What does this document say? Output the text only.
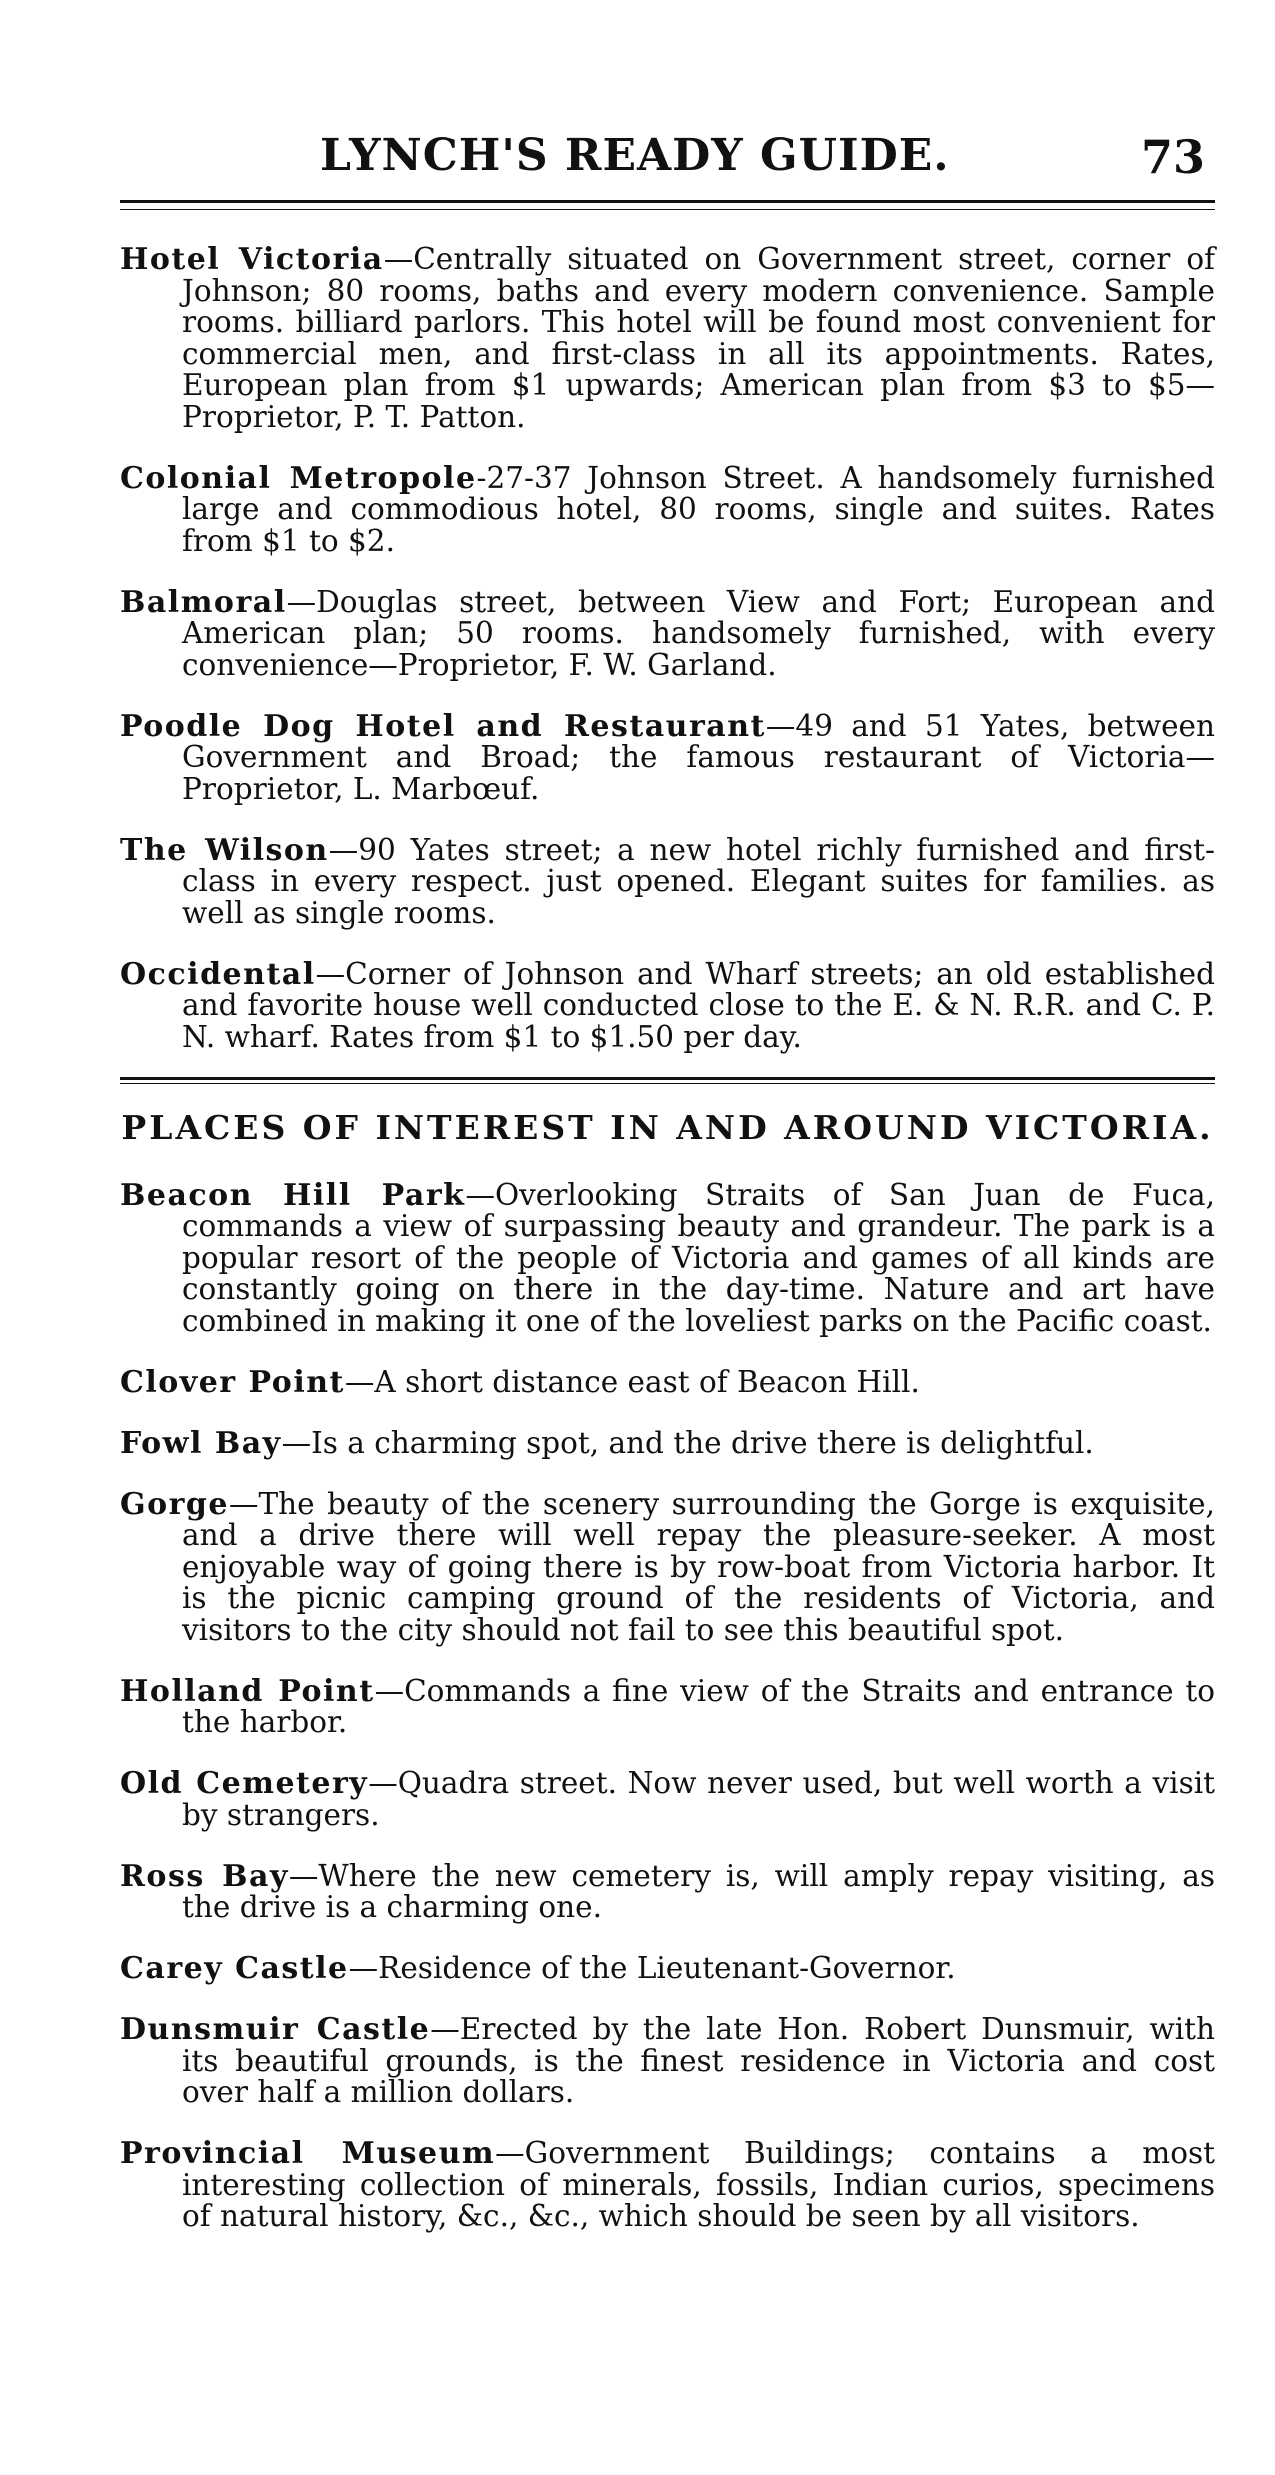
LYNCH'S READY GUIDE.	73

Hotel Victoria—Centrally situated on Government street, corner of Johnson; 80 rooms, baths and every modern convenience. Sample rooms. billiard parlors. This hotel will be found most convenient for commercial men, and first-class in all its appointments. Rates, European plan from $1 upwards; American plan from $3 to $5—Proprietor, P. T. Patton.

Colonial Metropole-27-37 Johnson Street. A handsomely furnished large and commodious hotel, 80 rooms, single and suites. Rates from $1 to $2.

Balmoral—Douglas street, between View and Fort; European and American plan; 50 rooms. handsomely furnished, with every convenience—Proprietor, F. W. Garland.

Poodle Dog Hotel and Restaurant—49 and 51 Yates, between Government and Broad; the famous restaurant of Victoria—Proprietor, L. Marbœuf.

The Wilson—90 Yates street; a new hotel richly furnished and first-class in every respect. just opened. Elegant suites for families. as well as single rooms.

Occidental—Corner of Johnson and Wharf streets; an old established and favorite house well conducted close to the E. & N. R.R. and C. P. N. wharf. Rates from $1 to $1.50 per day.

PLACES OF INTEREST IN AND AROUND VICTORIA.

Beacon Hill Park—Overlooking Straits of San Juan de Fuca, commands a view of surpassing beauty and grandeur. The park is a popular resort of the people of Victoria and games of all kinds are constantly going on there in the day-time. Nature and art have combined in making it one of the loveliest parks on the Pacific coast.

Clover Point—A short distance east of Beacon Hill.

Fowl Bay—Is a charming spot, and the drive there is delightful.

Gorge—The beauty of the scenery surrounding the Gorge is exquisite, and a drive there will well repay the pleasure-seeker. A most enjoyable way of going there is by row-boat from Victoria harbor. It is the picnic camping ground of the residents of Victoria, and visitors to the city should not fail to see this beautiful spot.

Holland Point—Commands a fine view of the Straits and entrance to the harbor.

Old Cemetery—Quadra street. Now never used, but well worth a visit by strangers.

Ross Bay—Where the new cemetery is, will amply repay visiting, as the drive is a charming one.

Carey Castle—Residence of the Lieutenant-Governor.

Dunsmuir Castle—Erected by the late Hon. Robert Dunsmuir, with its beautiful grounds, is the finest residence in Victoria and cost over half a million dollars.

Provincial Museum—Government Buildings; contains a most interesting collection of minerals, fossils, Indian curios, specimens of natural history, &c., &c., which should be seen by all visitors.
